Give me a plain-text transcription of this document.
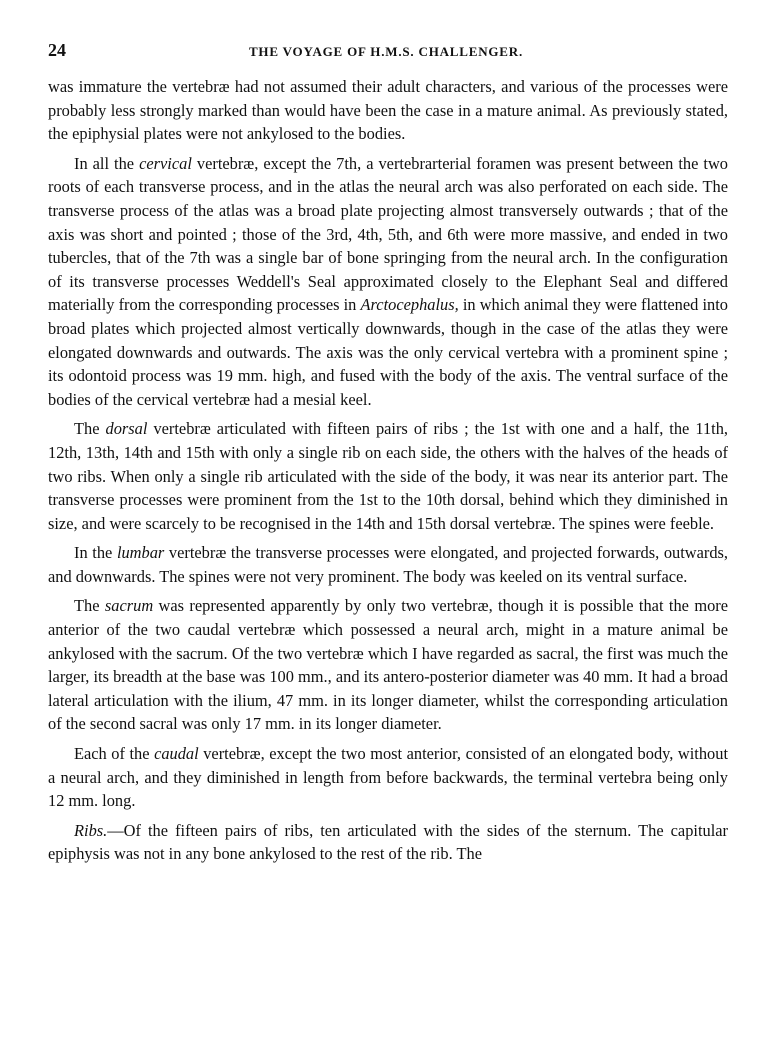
24	THE VOYAGE OF H.M.S. CHALLENGER.

was immature the vertebræ had not assumed their adult characters, and various of the processes were probably less strongly marked than would have been the case in a mature animal. As previously stated, the epiphysial plates were not ankylosed to the bodies.

In all the cervical vertebræ, except the 7th, a vertebrarterial foramen was present between the two roots of each transverse process, and in the atlas the neural arch was also perforated on each side. The transverse process of the atlas was a broad plate projecting almost transversely outwards ; that of the axis was short and pointed ; those of the 3rd, 4th, 5th, and 6th were more massive, and ended in two tubercles, that of the 7th was a single bar of bone springing from the neural arch. In the configuration of its transverse processes Weddell's Seal approximated closely to the Elephant Seal and differed materially from the corresponding processes in Arctocephalus, in which animal they were flattened into broad plates which projected almost vertically downwards, though in the case of the atlas they were elongated downwards and outwards. The axis was the only cervical vertebra with a prominent spine ; its odontoid process was 19 mm. high, and fused with the body of the axis. The ventral surface of the bodies of the cervical vertebræ had a mesial keel.

The dorsal vertebræ articulated with fifteen pairs of ribs ; the 1st with one and a half, the 11th, 12th, 13th, 14th and 15th with only a single rib on each side, the others with the halves of the heads of two ribs. When only a single rib articulated with the side of the body, it was near its anterior part. The transverse processes were prominent from the 1st to the 10th dorsal, behind which they diminished in size, and were scarcely to be recognised in the 14th and 15th dorsal vertebræ. The spines were feeble.

In the lumbar vertebræ the transverse processes were elongated, and projected forwards, outwards, and downwards. The spines were not very prominent. The body was keeled on its ventral surface.

The sacrum was represented apparently by only two vertebræ, though it is possible that the more anterior of the two caudal vertebræ which possessed a neural arch, might in a mature animal be ankylosed with the sacrum. Of the two vertebræ which I have regarded as sacral, the first was much the larger, its breadth at the base was 100 mm., and its antero-posterior diameter was 40 mm. It had a broad lateral articulation with the ilium, 47 mm. in its longer diameter, whilst the corresponding articulation of the second sacral was only 17 mm. in its longer diameter.

Each of the caudal vertebræ, except the two most anterior, consisted of an elongated body, without a neural arch, and they diminished in length from before backwards, the terminal vertebra being only 12 mm. long.

Ribs.—Of the fifteen pairs of ribs, ten articulated with the sides of the sternum. The capitular epiphysis was not in any bone ankylosed to the rest of the rib. The
